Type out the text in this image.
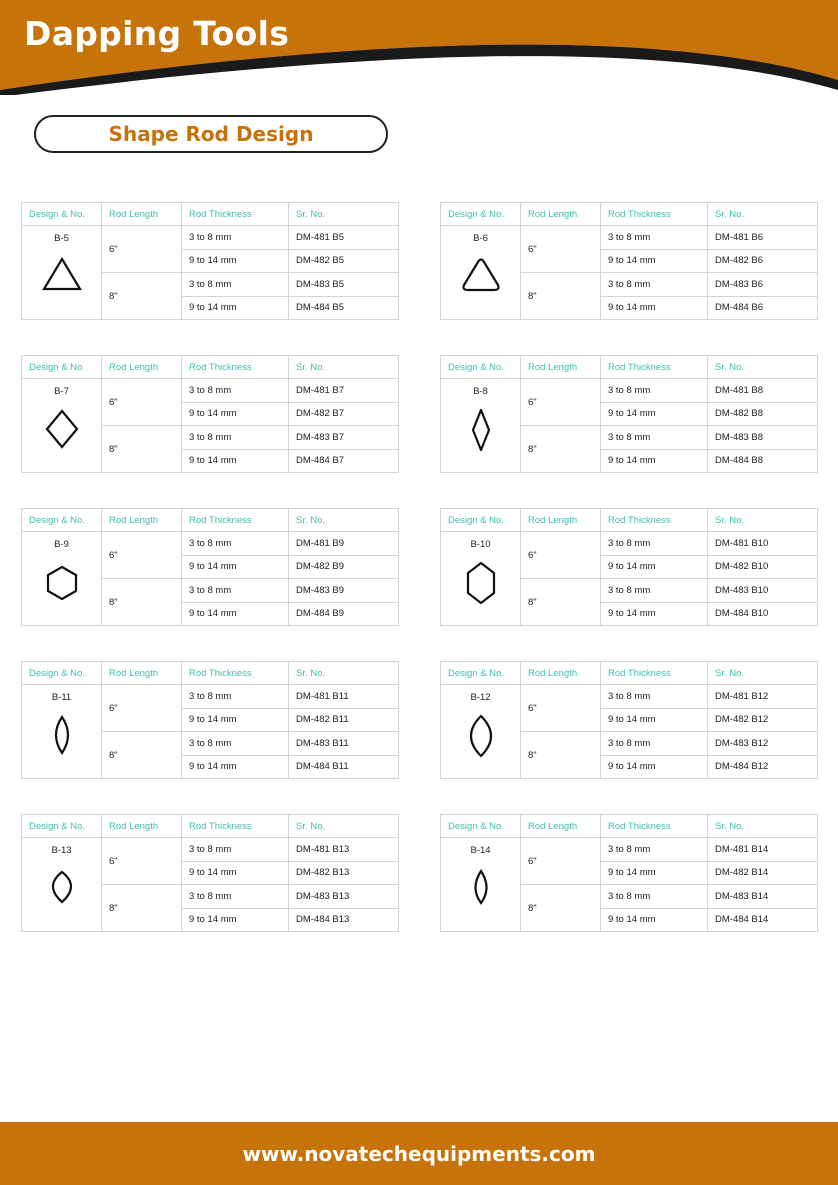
Dapping Tools
Shape Rod Design
Design & No.	Rod Length	Rod Thickness	Sr. No.

B-5	6"	3 to 8 mm	DM-481 B5
		9 to 14 mm	DM-482 B5
	8"	3 to 8 mm	DM-483 B5
		9 to 14 mm	DM-484 B5
Design & No.	Rod Length	Rod Thickness	Sr. No.

B-6	6"	3 to 8 mm	DM-481 B6
		9 to 14 mm	DM-482 B6
	8"	3 to 8 mm	DM-483 B6
		9 to 14 mm	DM-484 B6
Design & No.	Rod Length	Rod Thickness	Sr. No.

B-7	6"	3 to 8 mm	DM-481 B7
		9 to 14 mm	DM-482 B7
	8"	3 to 8 mm	DM-483 B7
		9 to 14 mm	DM-484 B7
Design & No.	Rod Length	Rod Thickness	Sr. No.

B-8	6"	3 to 8 mm	DM-481 B8
		9 to 14 mm	DM-482 B8
	8"	3 to 8 mm	DM-483 B8
		9 to 14 mm	DM-484 B8
Design & No.	Rod Length	Rod Thickness	Sr. No.

B-9	6"	3 to 8 mm	DM-481 B9
		9 to 14 mm	DM-482 B9
	8"	3 to 8 mm	DM-483 B9
		9 to 14 mm	DM-484 B9
Design & No.	Rod Length	Rod Thickness	Sr. No.

B-10	6"	3 to 8 mm	DM-481 B10
		9 to 14 mm	DM-482 B10
	8"	3 to 8 mm	DM-483 B10
		9 to 14 mm	DM-484 B10
Design & No.	Rod Length	Rod Thickness	Sr. No.

B-11	6"	3 to 8 mm	DM-481 B11
		9 to 14 mm	DM-482 B11
	8"	3 to 8 mm	DM-483 B11
		9 to 14 mm	DM-484 B11
Design & No.	Rod Length	Rod Thickness	Sr. No.

B-12	6"	3 to 8 mm	DM-481 B12
		9 to 14 mm	DM-482 B12
	8"	3 to 8 mm	DM-483 B12
		9 to 14 mm	DM-484 B12
Design & No.	Rod Length	Rod Thickness	Sr. No.

B-13	6"	3 to 8 mm	DM-481 B13
		9 to 14 mm	DM-482 B13
	8"	3 to 8 mm	DM-483 B13
		9 to 14 mm	DM-484 B13
Design & No.	Rod Length	Rod Thickness	Sr. No.

B-14	6"	3 to 8 mm	DM-481 B14
		9 to 14 mm	DM-482 B14
	8"	3 to 8 mm	DM-483 B14
		9 to 14 mm	DM-484 B14
www.novatechequipments.com
